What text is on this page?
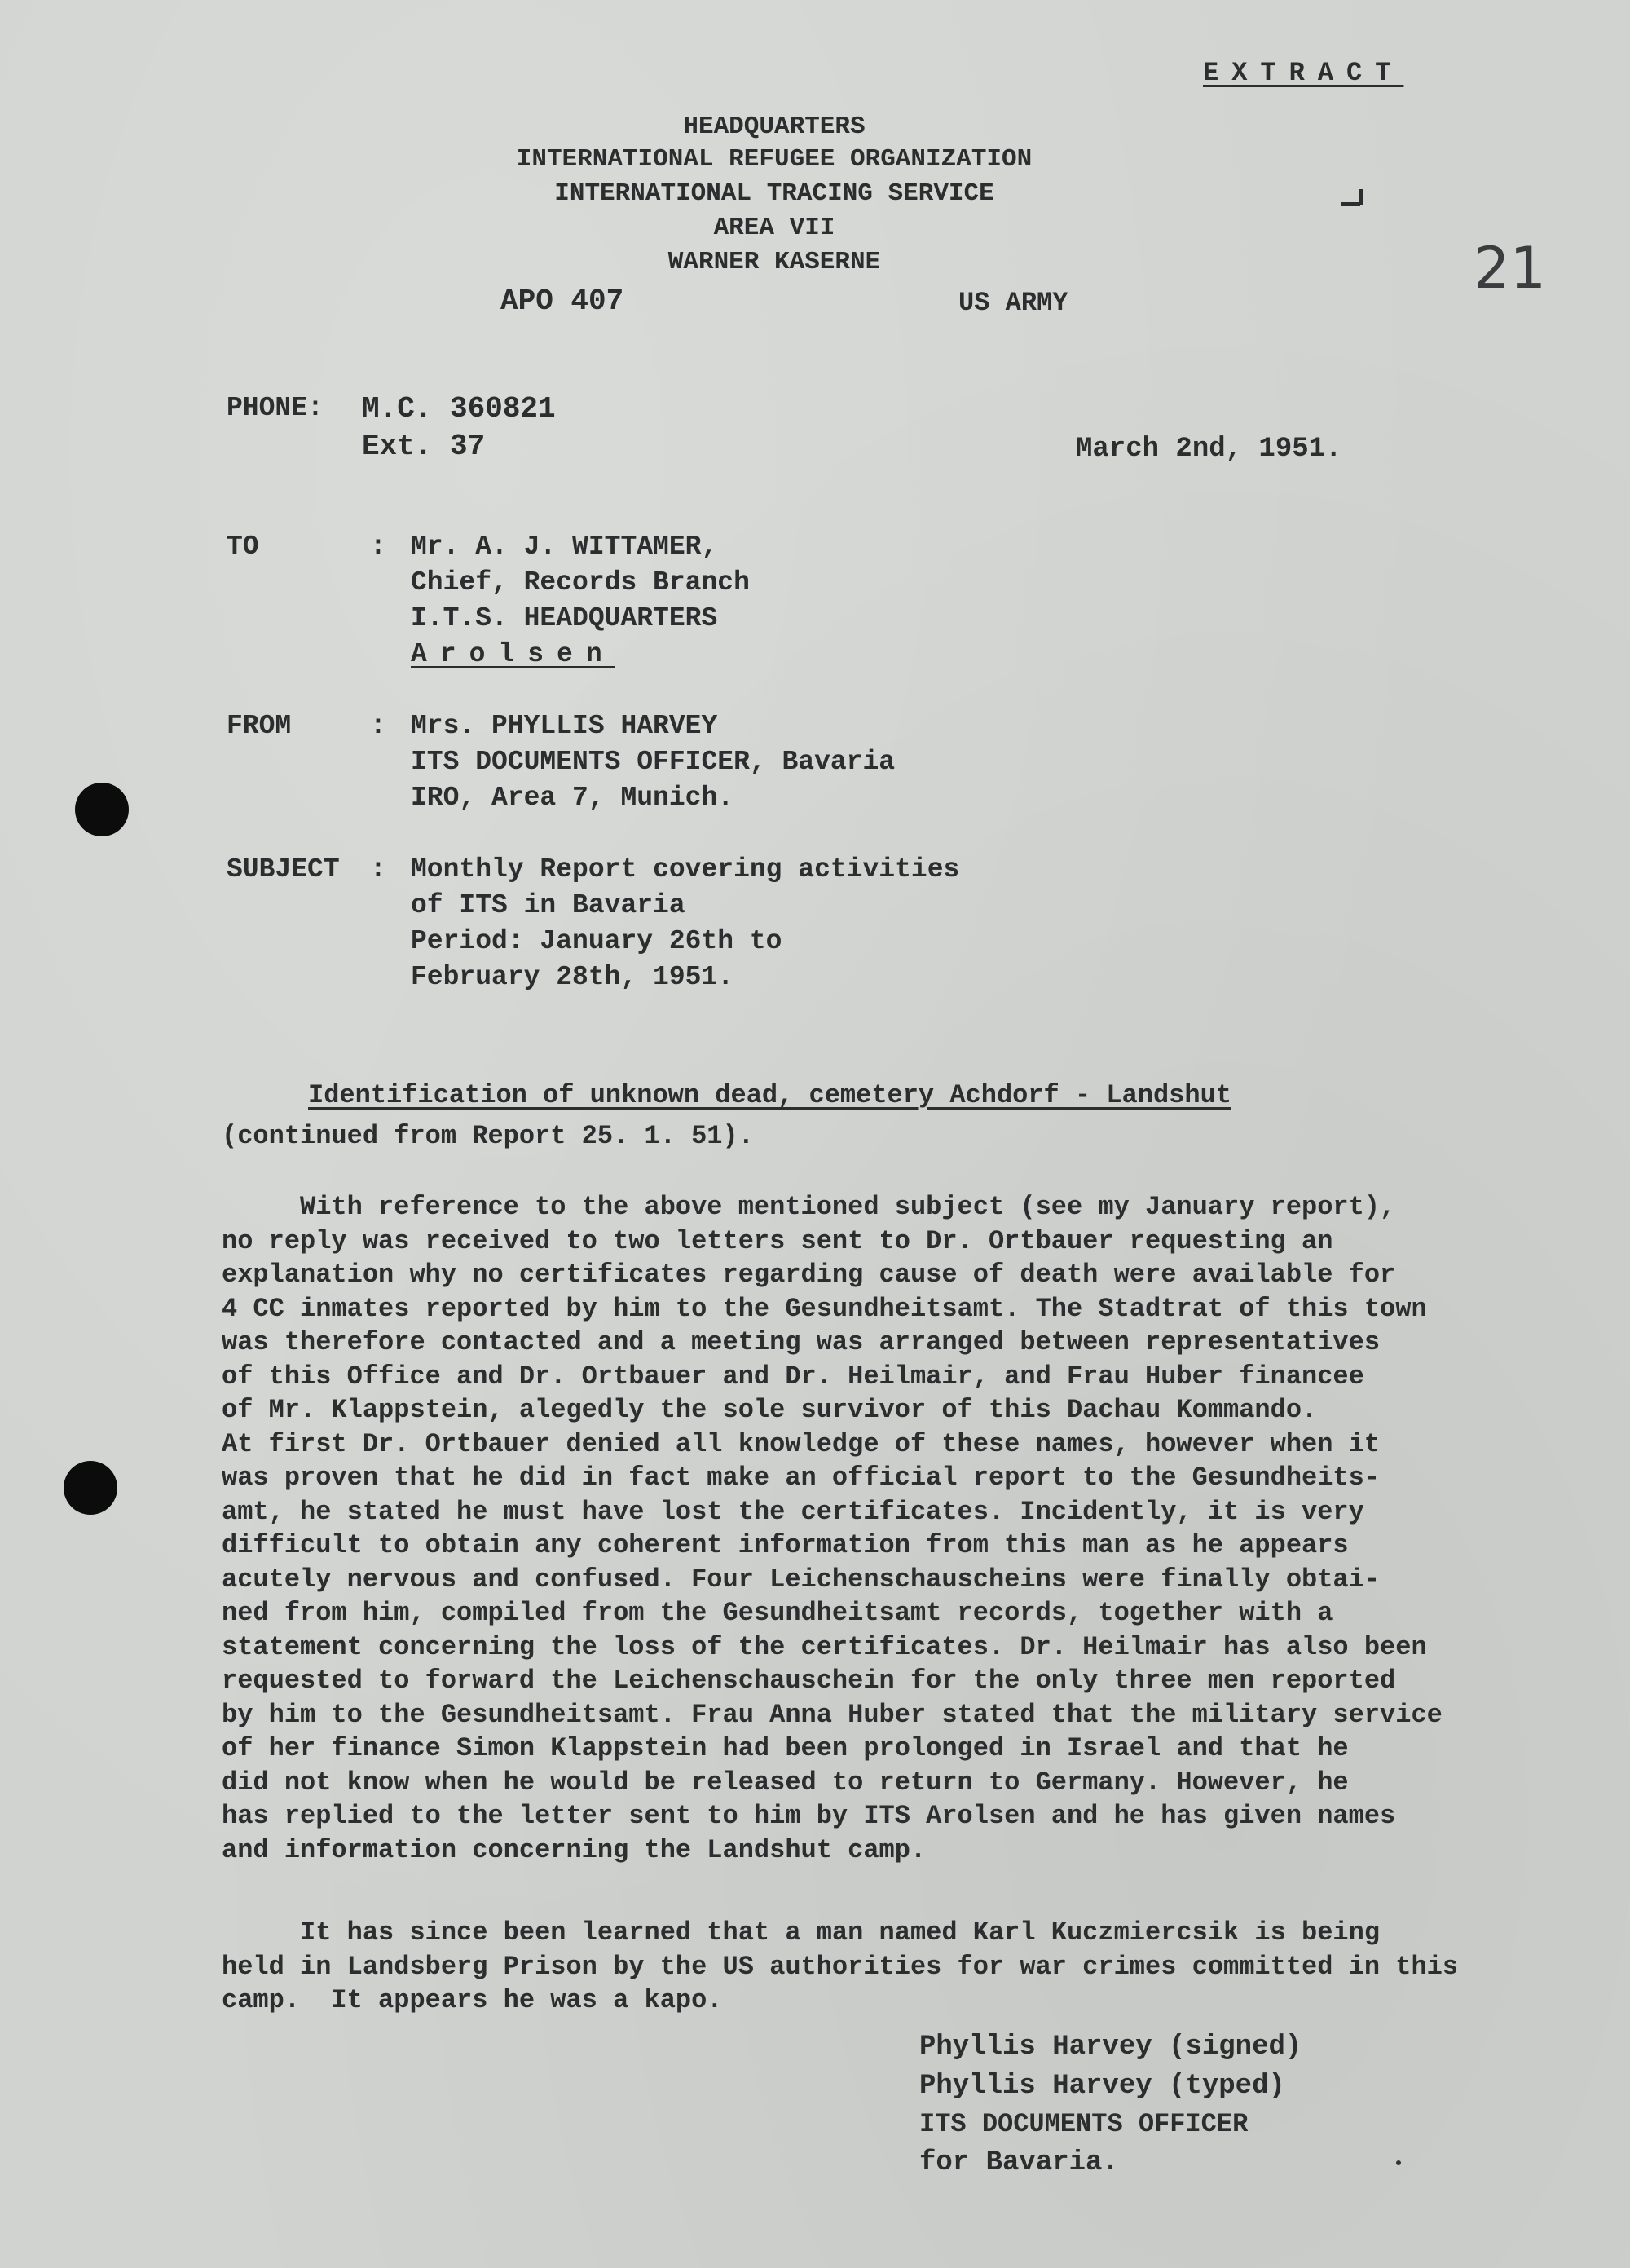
EXTRACT

21

HEADQUARTERS

INTERNATIONAL REFUGEE ORGANIZATION

INTERNATIONAL TRACING SERVICE

AREA VII

WARNER KASERNE

APO 407	US ARMY

PHONE: M.C. 360821

Ext. 37	March 2nd, 1951.

TO	: Mr. A. J. WITTAMER,

Chief, Records Branch

I.T.S. HEADQUARTERS

Arolsen

FROM	: Mrs. PHYLLIS HARVEY

ITS DOCUMENTS OFFICER, Bavaria

IRO, Area 7, Munich.

SUBJECT : Monthly Report covering activities

of ITS in Bavaria

Period: January 26th to

February 28th, 1951.

Identification of unknown dead, cemetery Achdorf - Landshut

(continued from Report 25. 1. 51).

With reference to the above mentioned subject (see my January report),
no reply was received to two letters sent to Dr. Ortbauer requesting an
explanation why no certificates regarding cause of death were available for
4 CC inmates reported by him to the Gesundheitsamt. The Stadtrat of this town
was therefore contacted and a meeting was arranged between representatives
of this Office and Dr. Ortbauer and Dr. Heilmair, and Frau Huber financee
of Mr. Klappstein, alegedly the sole survivor of this Dachau Kommando.
At first Dr. Ortbauer denied all knowledge of these names, however when it
was proven that he did in fact make an official report to the Gesundheits-
amt, he stated he must have lost the certificates. Incidently, it is very
difficult to obtain any coherent information from this man as he appears
acutely nervous and confused. Four Leichenschauscheins were finally obtai-
ned from him, compiled from the Gesundheitsamt records, together with a
statement concerning the loss of the certificates. Dr. Heilmair has also been
requested to forward the Leichenschauschein for the only three men reported
by him to the Gesundheitsamt. Frau Anna Huber stated that the military service
of her finance Simon Klappstein had been prolonged in Israel and that he
did not know when he would be released to return to Germany. However, he
has replied to the letter sent to him by ITS Arolsen and he has given names
and information concerning the Landshut camp.
It has since been learned that a man named Karl Kuczmiercsik is being
held in Landsberg Prison by the US authorities for war crimes committed in this
camp.  It appears he was a kapo.

Phyllis Harvey (signed)

Phyllis Harvey (typed)

ITS DOCUMENTS OFFICER

for Bavaria.
